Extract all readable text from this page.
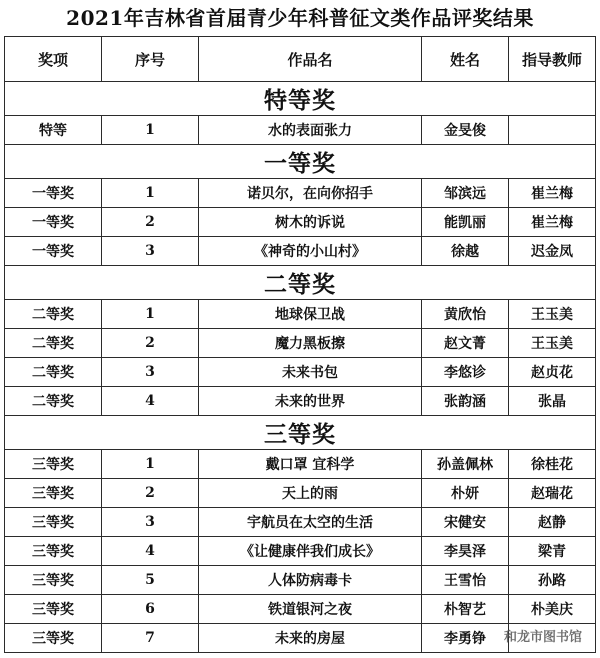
2021年吉林省首届青少年科普征文类作品评奖结果
奖项	序号	作品名	姓名	指导教师
特等奖				
特等	1	水的表面张力	金旻俊	
一等奖				
一等奖	1	诺贝尔，在向你招手	邹滨远	崔兰梅
一等奖	2	树木的诉说	能凯丽	崔兰梅
一等奖	3	《神奇的小山村》	徐越	迟金凤
二等奖				
二等奖	1	地球保卫战	黄欣怡	王玉美
二等奖	2	魔力黑板擦	赵文菁	王玉美
二等奖	3	未来书包	李悠诊	赵贞花
二等奖	4	未来的世界	张韵涵	张晶
三等奖				
三等奖	1	戴口罩 宜科学	孙盖佩林	徐桂花
三等奖	2	天上的雨	朴妍	赵瑞花
三等奖	3	宇航员在太空的生活	宋健安	赵静
三等奖	4	《让健康伴我们成长》	李昊泽	梁青
三等奖	5	人体防病毒卡	王雪怡	孙路
三等奖	6	铁道银河之夜	朴智艺	朴美庆
三等奖	7	未来的房屋	李勇铮	和龙市图书馆
